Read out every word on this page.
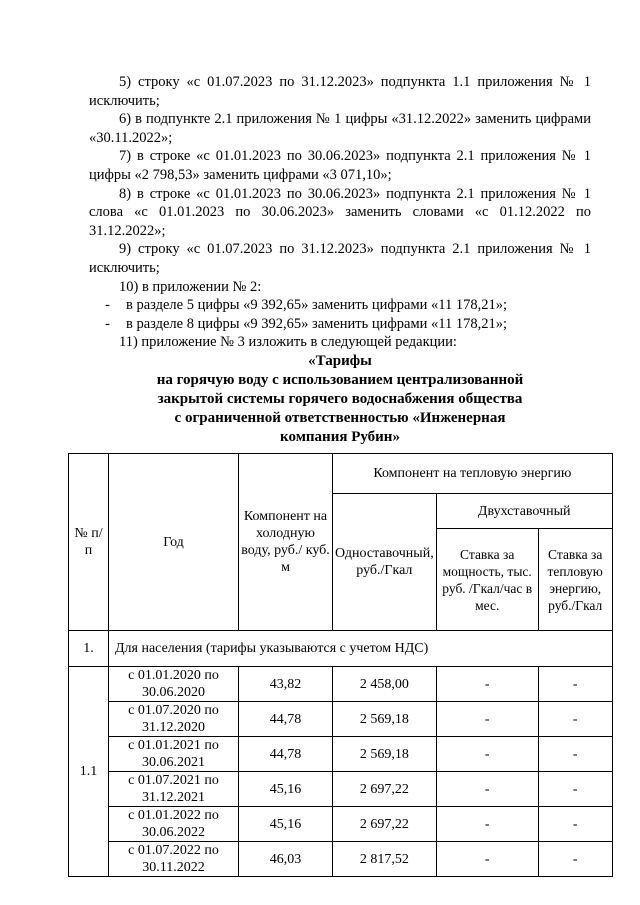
5) строку «с 01.07.2023 по 31.12.2023» подпункта 1.1 приложения № 1 исключить;

6) в подпункте 2.1 приложения № 1 цифры «31.12.2022» заменить цифрами «30.11.2022»;

7) в строке «с 01.01.2023 по 30.06.2023» подпункта 2.1 приложения № 1 цифры «2 798,53» заменить цифрами «3 071,10»;

8) в строке «с 01.01.2023 по 30.06.2023» подпункта 2.1 приложения № 1 слова «с 01.01.2023 по 30.06.2023» заменить словами «с 01.12.2022 по 31.12.2022»;

9) строку «с 01.07.2023 по 31.12.2023» подпункта 2.1 приложения № 1 исключить;

10) в приложении № 2:

-	в разделе 5 цифры «9 392,65» заменить цифрами «11 178,21»;
-	в разделе 8 цифры «9 392,65» заменить цифрами «11 178,21»;

11) приложение № 3 изложить в следующей редакции:

«Тарифы
на горячую воду с использованием централизованной
закрытой системы горячего водоснабжения общества
с ограниченной ответственностью «Инженерная
компания Рубин»
№ п/п	Год	Компонент на холодную воду, руб./ куб. м	Компонент на тепловую энергию		
			Одноставочный, руб./Гкал	Двухставочный	
				Ставка за мощность, тыс. руб. /Гкал/час в мес.	Ставка за тепловую энергию, руб./Гкал
1.	Для населения (тарифы указываются с учетом НДС)				
1.1	с 01.01.2020 по 30.06.2020	43,82	2 458,00	-	-
	с 01.07.2020 по 31.12.2020	44,78	2 569,18	-	-
	с 01.01.2021 по 30.06.2021	44,78	2 569,18	-	-
	с 01.07.2021 по 31.12.2021	45,16	2 697,22	-	-
	с 01.01.2022 по 30.06.2022	45,16	2 697,22	-	-
	с 01.07.2022 по 30.11.2022	46,03	2 817,52	-	-
